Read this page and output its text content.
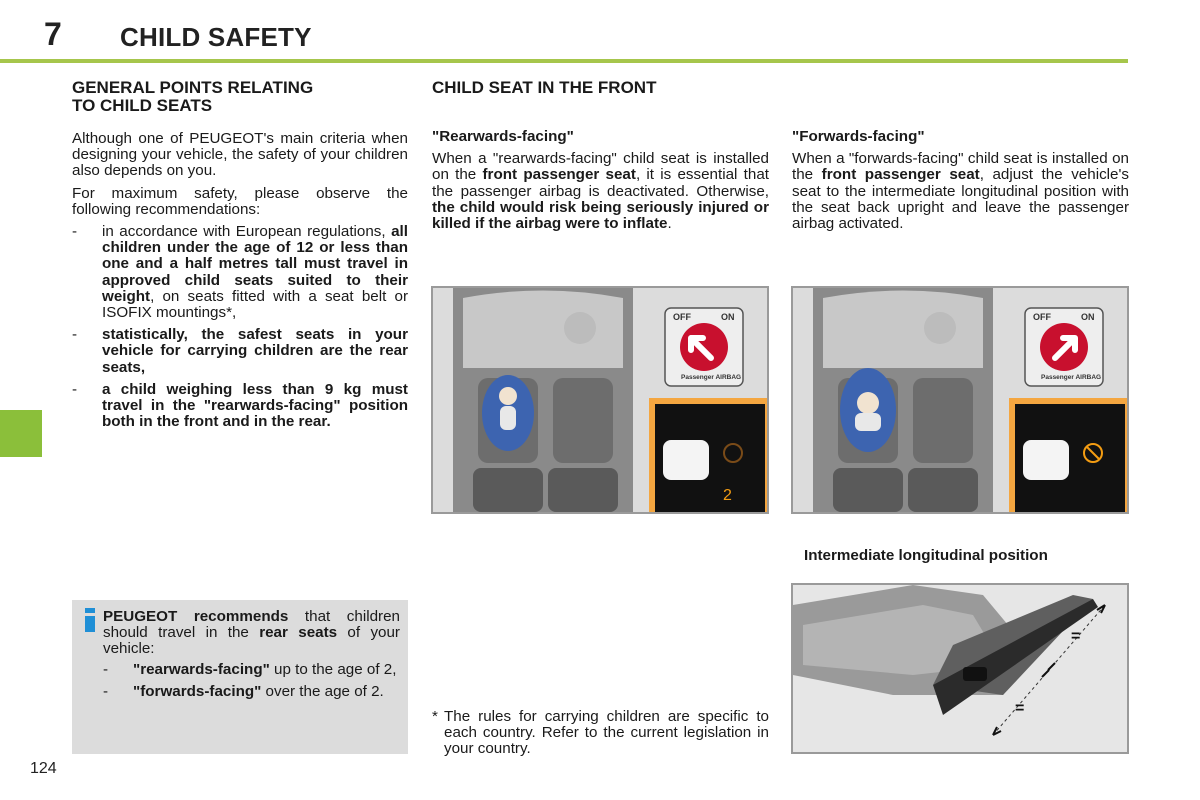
7 CHILD SAFETY
GENERAL POINTS RELATING
TO CHILD SEATS

Although one of PEUGEOT's main criteria when designing your vehicle, the safety of your children also depends on you.

For maximum safety, please observe the following recommendations:

- in accordance with European regulations, all children under the age of 12 or less than one and a half metres tall must travel in approved child seats suited to their weight, on seats fitted with a seat belt or ISOFIX mountings*,
- statistically, the safest seats in your vehicle for carrying children are the rear seats,
- a child weighing less than 9 kg must travel in the "rearwards-facing" position both in the front and in the rear.

PEUGEOT recommends that children should travel in the rear seats of your vehicle:

- "rearwards-facing" up to the age of 2,
- "forwards-facing" over the age of 2.
CHILD SEAT IN THE FRONT
"Rearwards-facing"

When a "rearwards-facing" child seat is installed on the front passenger seat, it is essential that the passenger airbag is deactivated. Otherwise, the child would risk being seriously injured or killed if the airbag were to inflate.

"Forwards-facing"

When a "forwards-facing" child seat is installed on the front passenger seat, adjust the vehicle's seat to the intermediate longitudinal position with the seat back upright and leave the passenger airbag activated.

OFF	ON
Passenger AIRBAG
2
OFF	ON
Passenger AIRBAG
Intermediate longitudinal position
=
=
* The rules for carrying children are specific to each country. Refer to the current legislation in your country.
124
